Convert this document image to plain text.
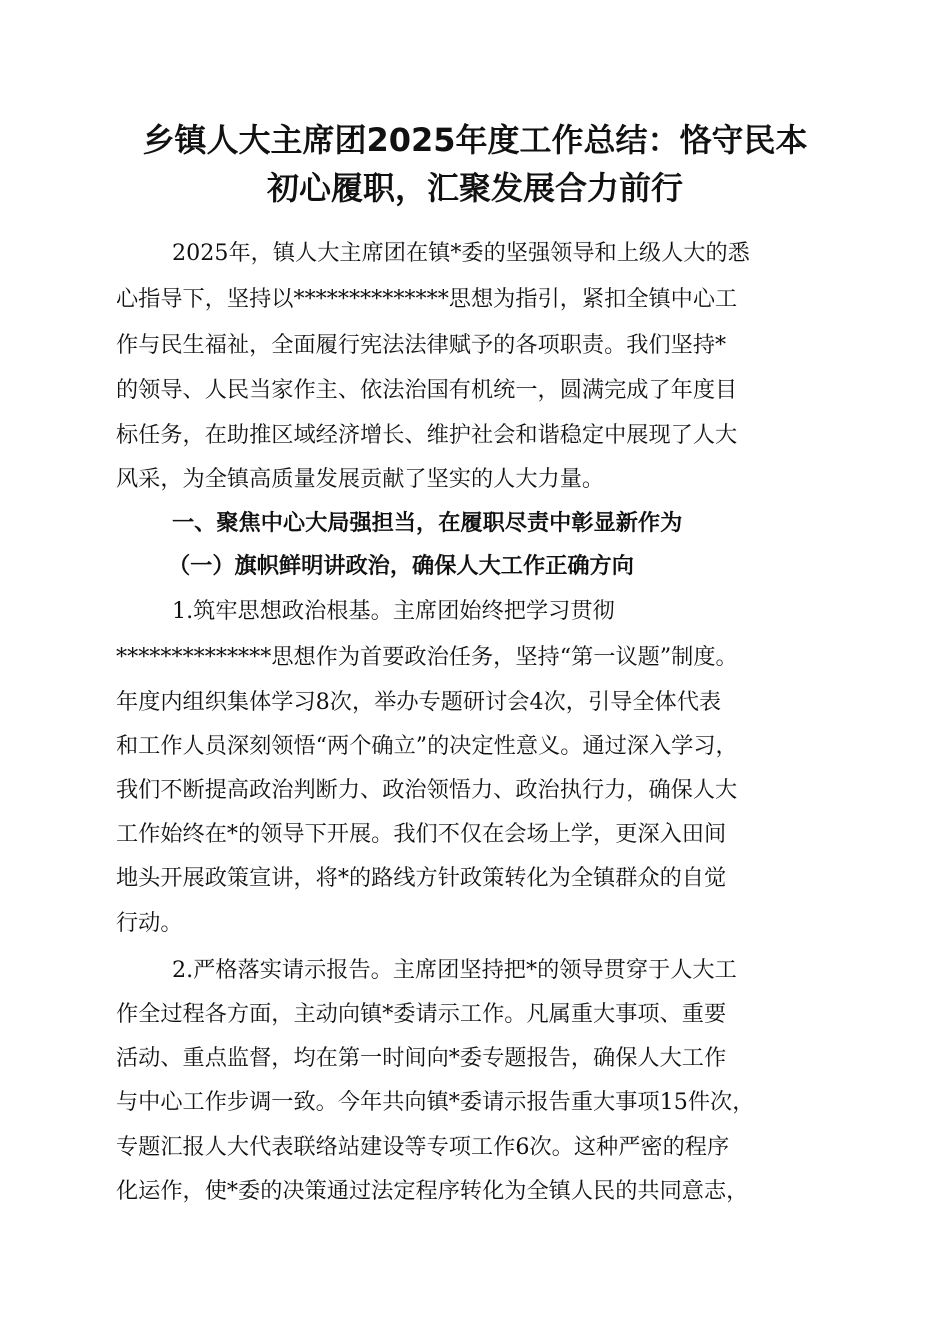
乡镇人大主席团2025年度工作总结：恪守民本
初心履职，汇聚发展合力前行
2025年，镇人大主席团在镇*委的坚强领导和上级人大的悉
心指导下，坚持以**************思想为指引，紧扣全镇中心工
作与民生福祉，全面履行宪法法律赋予的各项职责。我们坚持*
的领导、人民当家作主、依法治国有机统一，圆满完成了年度目
标任务，在助推区域经济增长、维护社会和谐稳定中展现了人大
风采，为全镇高质量发展贡献了坚实的人大力量。
一、聚焦中心大局强担当，在履职尽责中彰显新作为
（一）旗帜鲜明讲政治，确保人大工作正确方向
1.筑牢思想政治根基。主席团始终把学习贯彻
**************思想作为首要政治任务，坚持“第一议题”制度。
年度内组织集体学习8次，举办专题研讨会4次，引导全体代表
和工作人员深刻领悟“两个确立”的决定性意义。通过深入学习，
我们不断提高政治判断力、政治领悟力、政治执行力，确保人大
工作始终在*的领导下开展。我们不仅在会场上学，更深入田间
地头开展政策宣讲，将*的路线方针政策转化为全镇群众的自觉
行动。
2.严格落实请示报告。主席团坚持把*的领导贯穿于人大工
作全过程各方面，主动向镇*委请示工作。凡属重大事项、重要
活动、重点监督，均在第一时间向*委专题报告，确保人大工作
与中心工作步调一致。今年共向镇*委请示报告重大事项15件次，
专题汇报人大代表联络站建设等专项工作6次。这种严密的程序
化运作，使*委的决策通过法定程序转化为全镇人民的共同意志，
